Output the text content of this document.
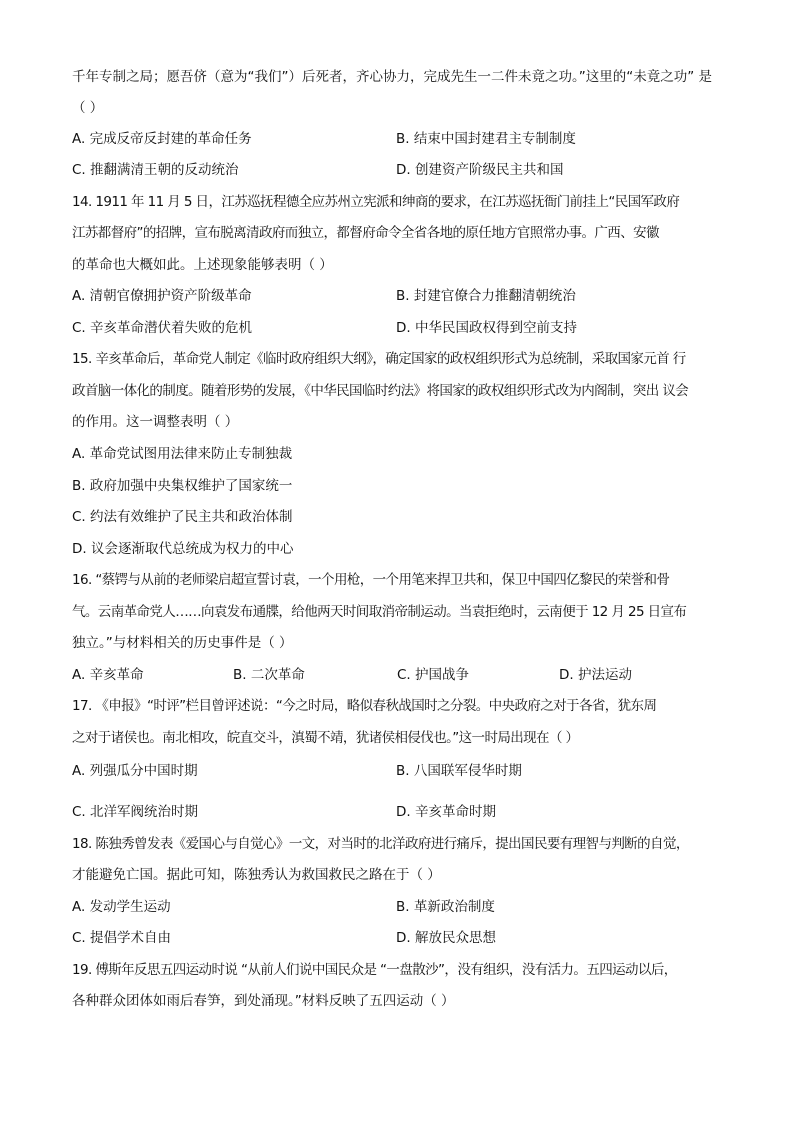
千年专制之局；愿吾侪（意为“我们”）后死者，齐心协力，完成先生一二件未竟之功。”这里的“未竟之功” 是
（ ）
A. 完成反帝反封建的革命任务	B. 结束中国封建君主专制制度
C. 推翻满清王朝的反动统治	D. 创建资产阶级民主共和国
14. 1911 年 11 月 5 日，江苏巡抚程德全应苏州立宪派和绅商的要求，在江苏巡抚衙门前挂上“民国军政府
江苏都督府”的招牌，宣布脱离清政府而独立，都督府命令全省各地的原任地方官照常办事。广西、安徽
的革命也大概如此。上述现象能够表明（ ）
A. 清朝官僚拥护资产阶级革命	B. 封建官僚合力推翻清朝统治
C. 辛亥革命潜伏着失败的危机	D. 中华民国政权得到空前支持
15. 辛亥革命后，革命党人制定《临时政府组织大纲》，确定国家的政权组织形式为总统制，采取国家元首 行
政首脑一体化的制度。随着形势的发展，《中华民国临时约法》将国家的政权组织形式改为内阁制，突出 议会
的作用。这一调整表明（ ）
A. 革命党试图用法律来防止专制独裁
B. 政府加强中央集权维护了国家统一
C. 约法有效维护了民主共和政治体制
D. 议会逐渐取代总统成为权力的中心
16. “蔡锷与从前的老师梁启超宣誓讨袁，一个用枪，一个用笔来捍卫共和，保卫中国四亿黎民的荣誉和骨
气。云南革命党人……向袁发布通牒，给他两天时间取消帝制运动。当袁拒绝时，云南便于 12 月 25 日宣布
独立。”与材料相关的历史事件是（ ）
A. 辛亥革命	B. 二次革命	C. 护国战争	D. 护法运动
17. 《申报》“时评”栏目曾评述说：“今之时局，略似春秋战国时之分裂。中央政府之对于各省，犹东周
之对于诸侯也。南北相攻，皖直交斗，滇蜀不靖，犹诸侯相侵伐也。”这一时局出现在（ ）
A. 列强瓜分中国时期	B. 八国联军侵华时期
C. 北洋军阀统治时期	D. 辛亥革命时期
18. 陈独秀曾发表《爱国心与自觉心》一文，对当时的北洋政府进行痛斥，提出国民要有理智与判断的自觉，
才能避免亡国。据此可知，陈独秀认为救国救民之路在于（ ）
A. 发动学生运动	B. 革新政治制度
C. 提倡学术自由	D. 解放民众思想
19. 傅斯年反思五四运动时说 “从前人们说中国民众是 “一盘散沙”，没有组织，没有活力。五四运动以后，
各种群众团体如雨后春笋，到处涌现。”材料反映了五四运动（ ）
